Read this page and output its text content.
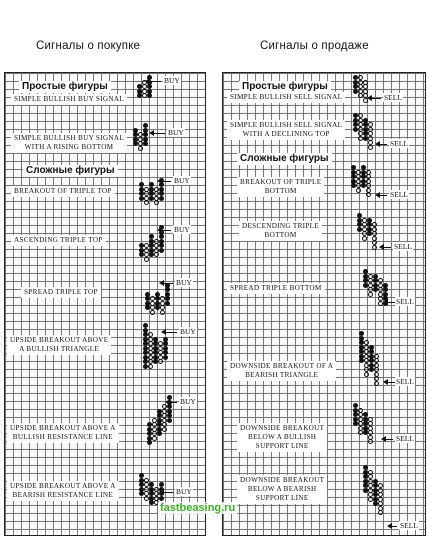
Сигналы о покупке	Сигналы о продаже
Простые фигуры
Сложные фигуры
SIMPLE BULLISH BUY SIGNAL
SIMPLE BULLISH BUY SIGNAL
WITH A RISING BOTTOM
BREAKOUT OF TRIPLE TOP
ASCENDING TRIPLE TOP
SPREAD TRIPLE TOP
UPSIDE BREAKOUT ABOVE
A BULLISH TRIANGLE
UPSIDE BREAKOUT ABOVE A
BULLISH RESISTANCE LINE
UPSIDE BREAKOUT ABOVE A
BEARISH RESISTANCE LINE
BUY
BUY
BUY
BUY
BUY
BUY
BUY
BUY
Простые фигуры
Сложные фигуры
SIMPLE BULLISH SELL SIGNAL
SIMPLE BULLISH SELL SIGNAL
WITH A DECLINING TOP
BREAKOUT OF TRIPLE
BOTTOM
DESCENDING TRIPLE
BOTTOM
SPREAD TRIPLE BOTTOM
DOWNSIDE BREAKOUT OF A
BEARISH TRIANGLE
DOWNSIDE BREAKOUT
BELOW A BULLISH
SUPPORT LINE
DOWNSIDE BREAKOUT
BELOW A BEARISH
SUPPORT LINE
SELL
SELL
SELL
SELL
SELL
SELL
SELL
SELL
fastbeasing.ru
